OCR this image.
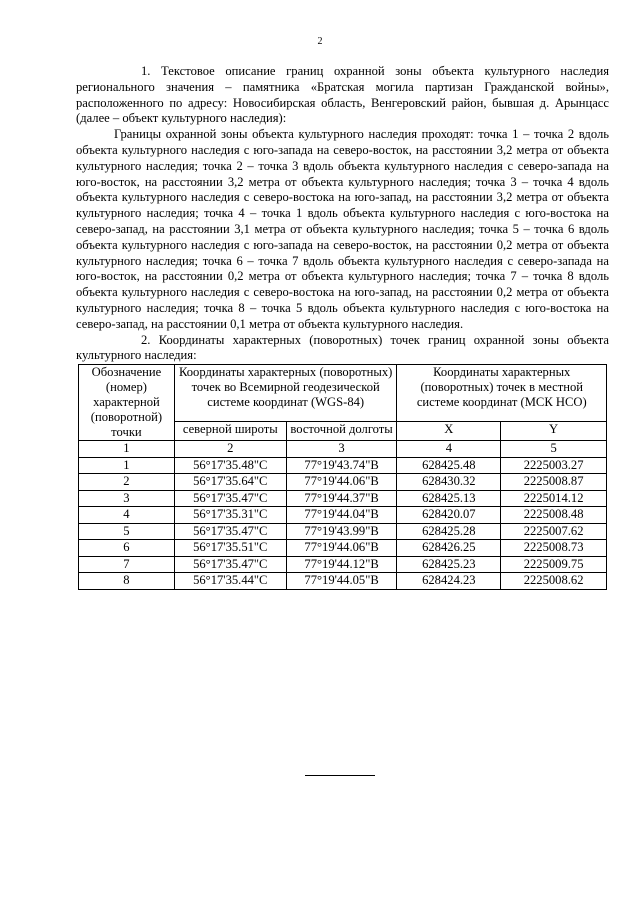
2

1. Текстовое описание границ охранной зоны объекта культурного наследия регионального значения – памятника «Братская могила партизан Гражданской войны», расположенного по адресу: Новосибирская область, Венгеровский район, бывшая д. Арынцасс (далее – объект культурного наследия):

Границы охранной зоны объекта культурного наследия проходят: точка 1 – точка 2 вдоль объекта культурного наследия с юго-запада на северо-восток, на расстоянии 3,2 метра от объекта культурного наследия; точка 2 – точка 3 вдоль объекта культурного наследия с северо-запада на юго-восток, на расстоянии 3,2 метра от объекта культурного наследия; точка 3 – точка 4 вдоль объекта культурного наследия с северо-востока на юго-запад, на расстоянии 3,2 метра от объекта культурного наследия; точка 4 – точка 1 вдоль объекта культурного наследия с юго-востока на северо-запад, на расстоянии 3,1 метра от объекта культурного наследия; точка 5 – точка 6 вдоль объекта культурного наследия с юго-запада на северо-восток, на расстоянии 0,2 метра от объекта культурного наследия; точка 6 – точка 7 вдоль объекта культурного наследия с северо-запада на юго-восток, на расстоянии 0,2 метра от объекта культурного наследия; точка 7 – точка 8 вдоль объекта культурного наследия с северо-востока на юго-запад, на расстоянии 0,2 метра от объекта культурного наследия; точка 8 – точка 5 вдоль объекта культурного наследия с юго-востока на северо-запад, на расстоянии 0,1 метра от объекта культурного наследия.

2. Координаты характерных (поворотных) точек границ охранной зоны объекта культурного наследия:

Обозначение (номер) характерной (поворотной) точки	Координаты характерных (поворотных) точек во Всемирной геодезической системе координат (WGS-84)		Координаты характерных (поворотных) точек в местной системе координат (МСК НСО)	
	северной широты	восточной долготы	X	Y
1	2	3	4	5
1	56°17'35.48"С	77°19'43.74"В	628425.48	2225003.27
2	56°17'35.64"С	77°19'44.06"В	628430.32	2225008.87
3	56°17'35.47"С	77°19'44.37"В	628425.13	2225014.12
4	56°17'35.31"С	77°19'44.04"В	628420.07	2225008.48
5	56°17'35.47"С	77°19'43.99"В	628425.28	2225007.62
6	56°17'35.51"С	77°19'44.06"В	628426.25	2225008.73
7	56°17'35.47"С	77°19'44.12"В	628425.23	2225009.75
8	56°17'35.44"С	77°19'44.05"В	628424.23	2225008.62
